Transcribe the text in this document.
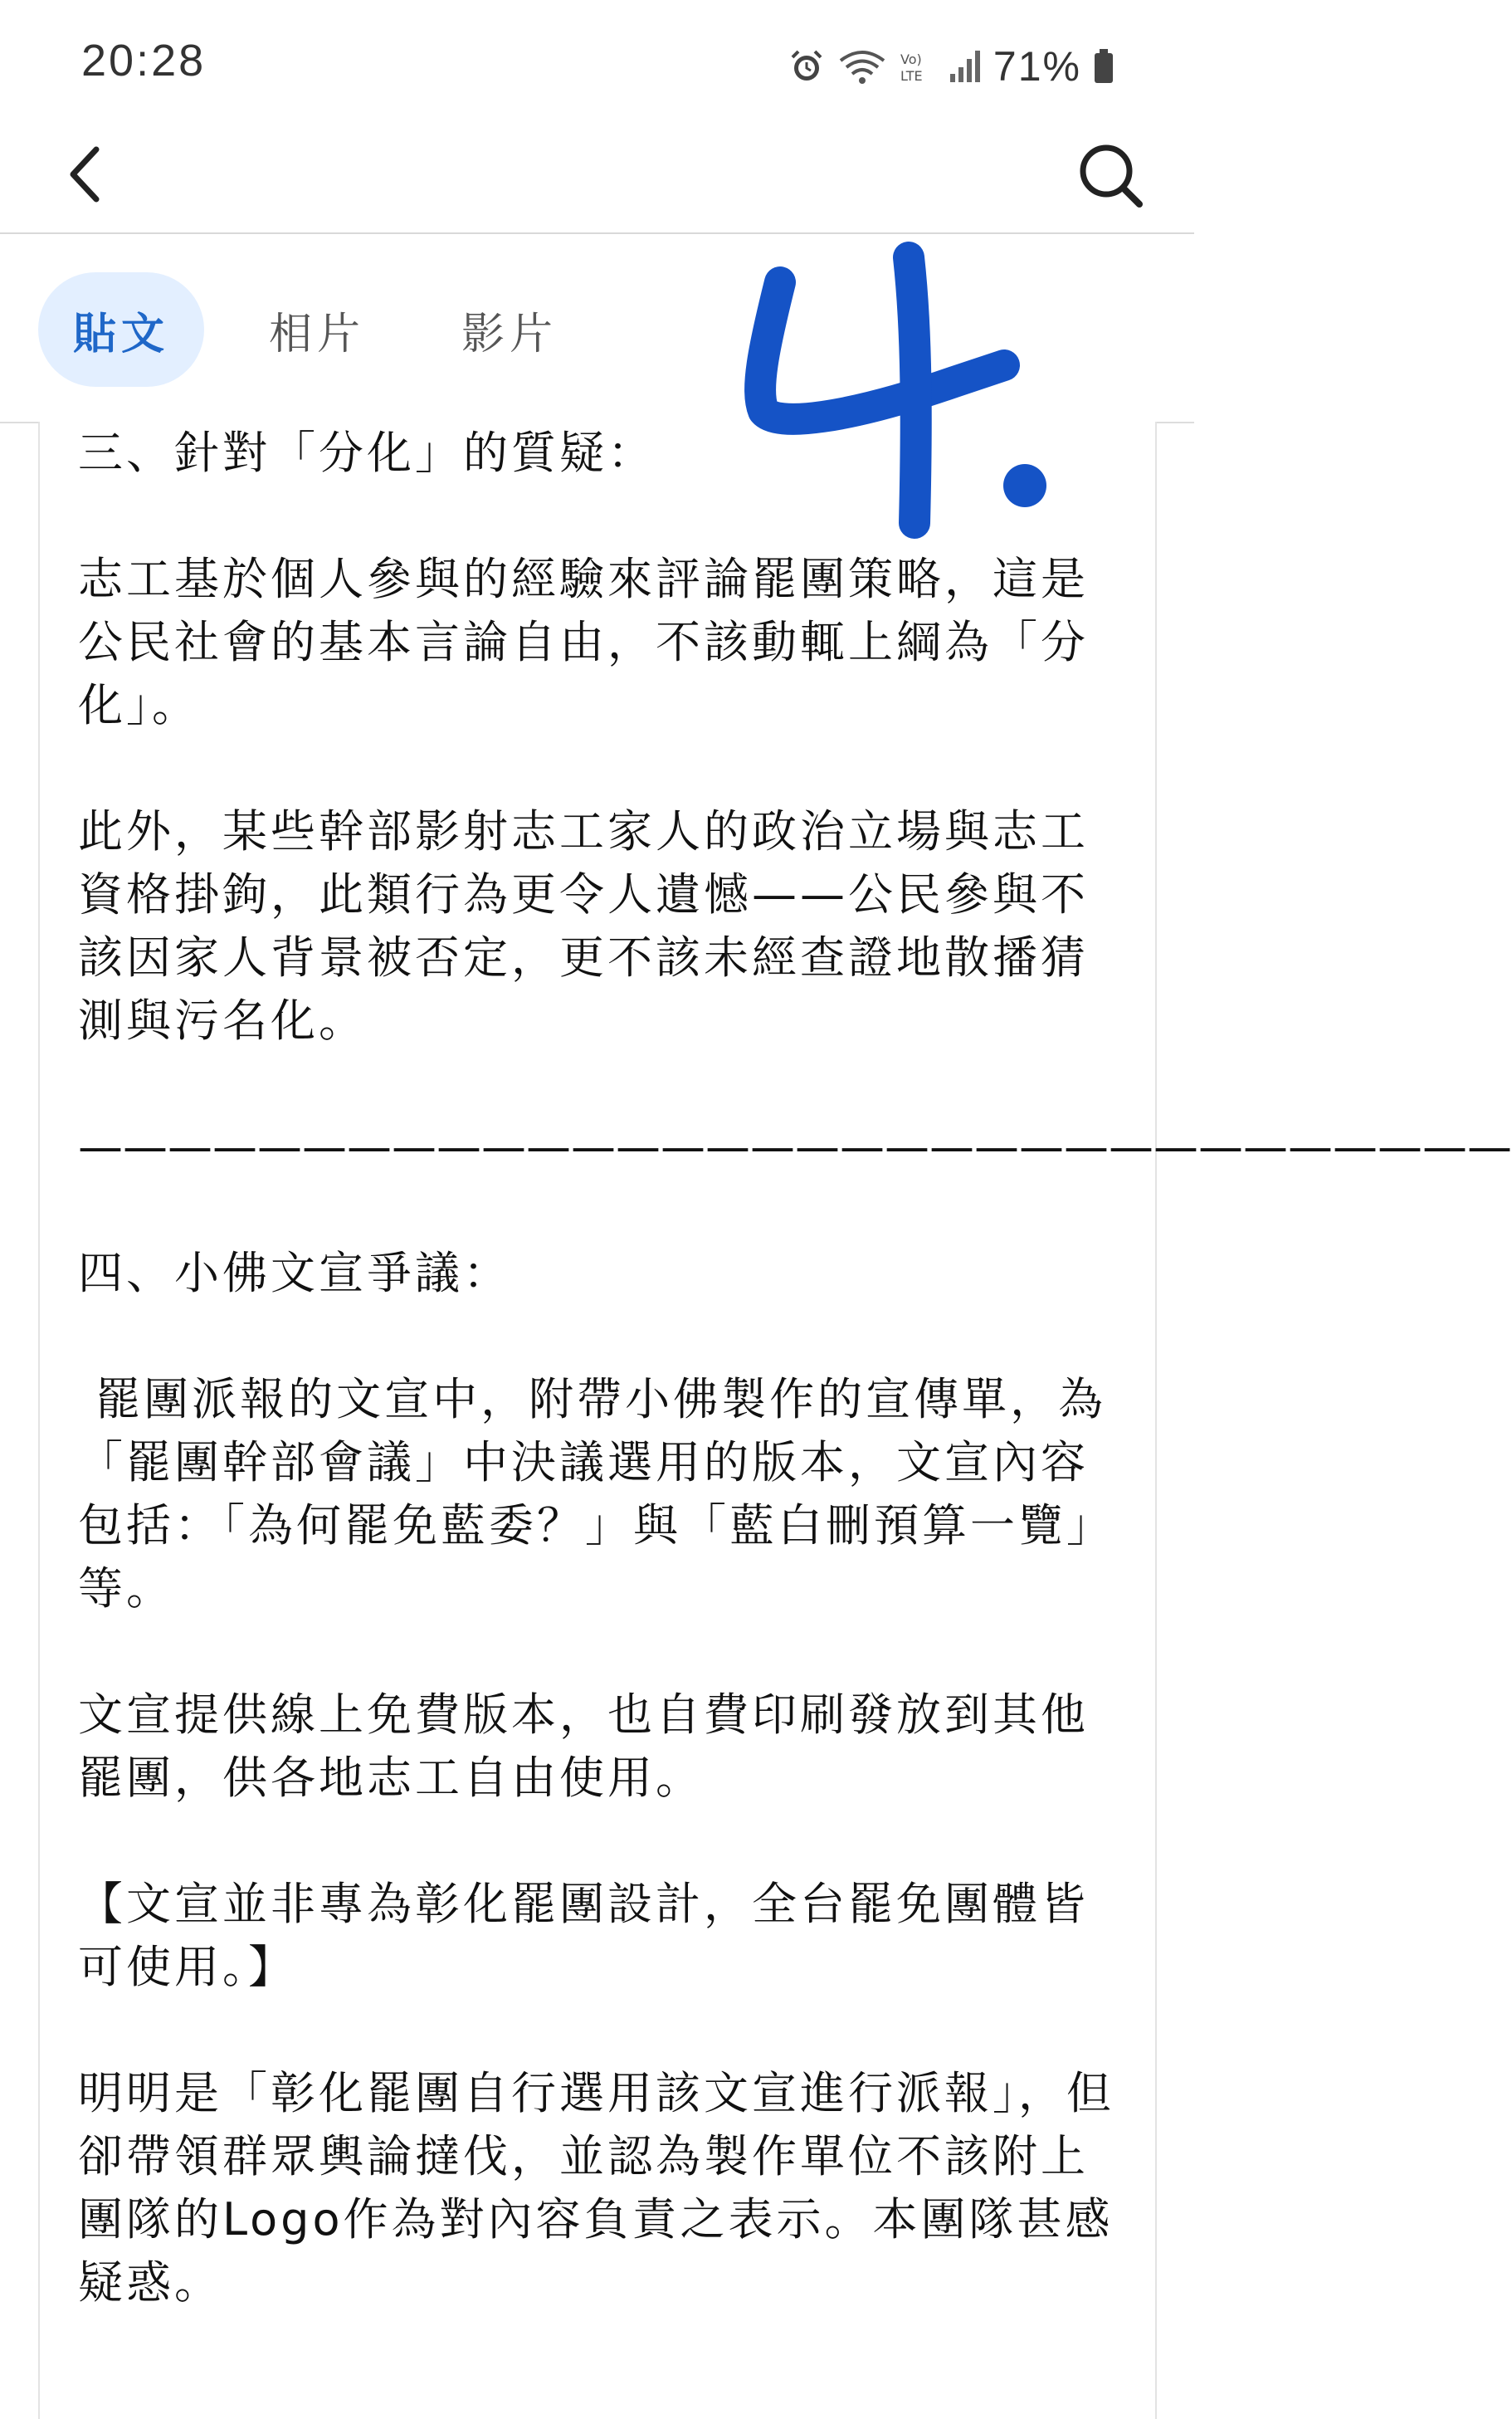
20:28	Vo)
LTE 71%
貼文	相片	影片

三、針對「分化」的質疑：

志工基於個人參與的經驗來評論罷團策略，這是公民社會的基本言論自由，不該動輒上綱為「分化」。

此外，某些幹部影射志工家人的政治立場與志工資格掛鉤，此類行為更令人遺憾——公民參與不該因家人背景被否定，更不該未經查證地散播猜測與污名化。

————————————————————————————————

四、小佛文宣爭議：

罷團派報的文宣中，附帶小佛製作的宣傳單，為「罷團幹部會議」中決議選用的版本，文宣內容包括：「為何罷免藍委？」與「藍白刪預算一覽」等。

文宣提供線上免費版本，也自費印刷發放到其他罷團，供各地志工自由使用。

【文宣並非專為彰化罷團設計，全台罷免團體皆可使用。】

明明是「彰化罷團自行選用該文宣進行派報」，但卻帶領群眾輿論撻伐，並認為製作單位不該附上團隊的Logo作為對內容負責之表示。本團隊甚感疑惑。
